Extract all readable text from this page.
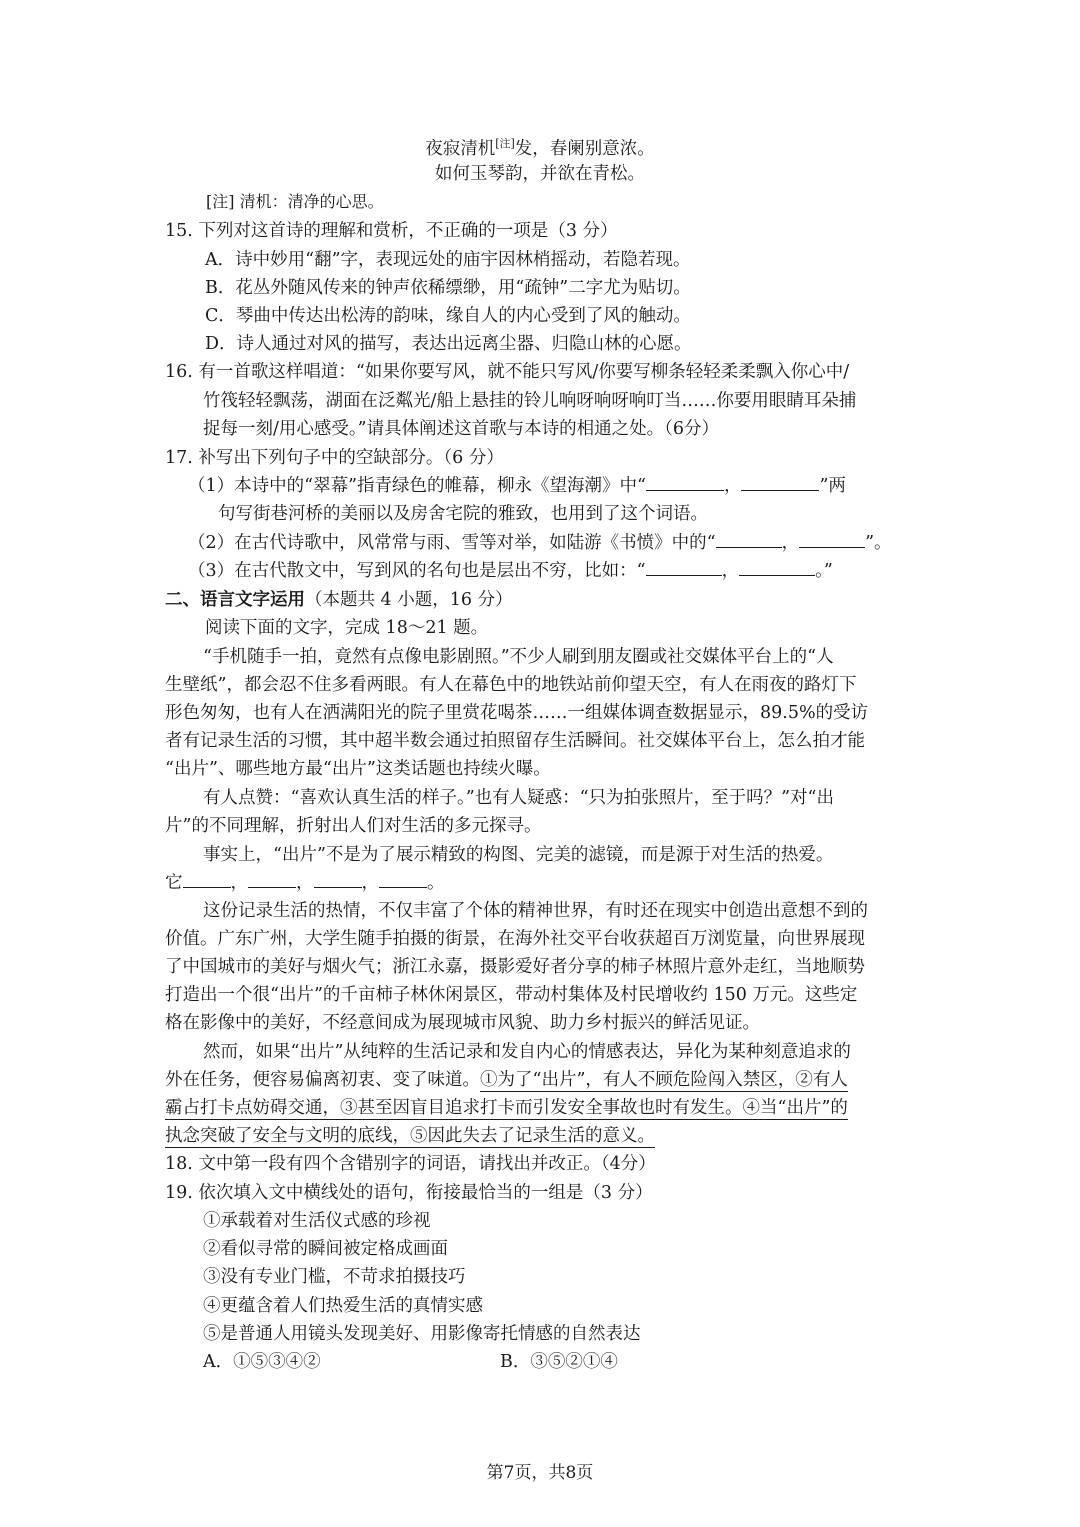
夜寂清机[注]发，春阑别意浓。
如何玉琴韵，并欲在青松。
[注] 清机：清净的心思。
15. 下列对这首诗的理解和赏析，不正确的一项是（3 分）
A．诗中妙用“翻”字，表现远处的庙宇因林梢摇动，若隐若现。
B．花丛外随风传来的钟声依稀缥缈，用“疏钟”二字尤为贴切。
C．琴曲中传达出松涛的韵味，缘自人的内心受到了风的触动。
D．诗人通过对风的描写，表达出远离尘器、归隐山林的心愿。
16. 有一首歌这样唱道：“如果你要写风，就不能只写风/你要写柳条轻轻柔柔飘入你心中/
竹筏轻轻飘荡，湖面在泛粼光/船上悬挂的铃儿响呀响呀响叮当……你要用眼睛耳朵捕
捉每一刻/用心感受。”请具体阐述这首歌与本诗的相通之处。（6分）
17. 补写出下列句子中的空缺部分。（6 分）
（1）本诗中的“翠幕”指青绿色的帷幕，柳永《望海潮》中“	，	”两
句写街巷河桥的美丽以及房舍宅院的雅致，也用到了这个词语。
（2）在古代诗歌中，风常常与雨、雪等对举，如陆游《书愤》中的“	，	”。
（3）在古代散文中，写到风的名句也是层出不穷，比如：“	，	。”
二、语言文字运用（本题共 4 小题，16 分）
阅读下面的文字，完成 18～21 题。
“手机随手一拍，竟然有点像电影剧照。”不少人刷到朋友圈或社交媒体平台上的“人
生壁纸”，都会忍不住多看两眼。有人在幕色中的地铁站前仰望天空，有人在雨夜的路灯下
形色匆匆，也有人在洒满阳光的院子里赏花喝茶……一组媒体调查数据显示，89.5%的受访
者有记录生活的习惯，其中超半数会通过拍照留存生活瞬间。社交媒体平台上，怎么拍才能
“出片”、哪些地方最“出片”这类话题也持续火曝。
有人点赞：“喜欢认真生活的样子。”也有人疑惑：“只为拍张照片，至于吗？”对“出
片”的不同理解，折射出人们对生活的多元探寻。
事实上，“出片”不是为了展示精致的构图、完美的滤镜，而是源于对生活的热爱。
它	，	，	，	。
这份记录生活的热情，不仅丰富了个体的精神世界，有时还在现实中创造出意想不到的
价值。广东广州，大学生随手拍摄的街景，在海外社交平台收获超百万浏览量，向世界展现
了中国城市的美好与烟火气；浙江永嘉，摄影爱好者分享的柿子林照片意外走红，当地顺势
打造出一个很“出片”的千亩柿子林休闲景区，带动村集体及村民增收约 150 万元。这些定
格在影像中的美好，不经意间成为展现城市风貌、助力乡村振兴的鲜活见证。
然而，如果“出片”从纯粹的生活记录和发自内心的情感表达，异化为某种刻意追求的
外在任务，便容易偏离初衷、变了味道。①为了“出片”，有人不顾危险闯入禁区，②有人
霸占打卡点妨碍交通，③甚至因盲目追求打卡而引发安全事故也时有发生。④当“出片”的
执念突破了安全与文明的底线，⑤因此失去了记录生活的意义。
18. 文中第一段有四个含错别字的词语，请找出并改正。（4分）
19. 依次填入文中横线处的语句，衔接最恰当的一组是（3 分）
①承载着对生活仪式感的珍视
②看似寻常的瞬间被定格成画面
③没有专业门槛，不苛求拍摄技巧
④更蕴含着人们热爱生活的真情实感
⑤是普通人用镜头发现美好、用影像寄托情感的自然表达
A．①⑤③④②	B．③⑤②①④
第7页，共8页
